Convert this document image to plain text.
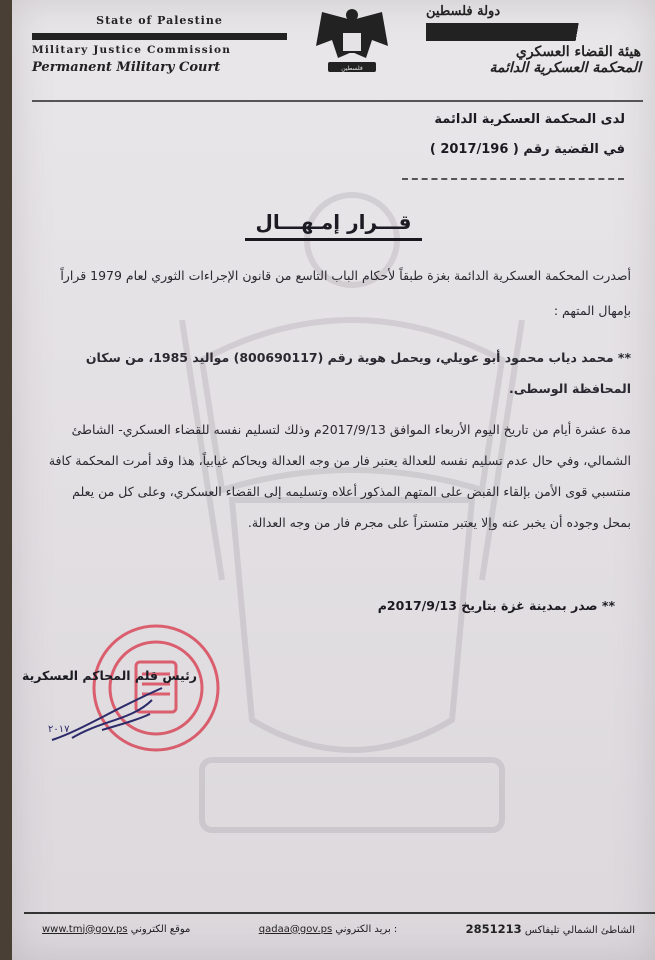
State of Palestine
Military Justice Commission
Permanent Military Court	فلسطين
دولة فلسطين
هيئة القضاء العسكري
المحكمة العسكرية الدائمة
لدى المحكمة العسكرية الدائمة
في القضية رقم ( 2017/196 )
قـــرار إمـهـــال

أصدرت المحكمة العسكرية الدائمة بغزة طبقاً لأحكام الباب التاسع من قانون الإجراءات الثوري لعام 1979 قراراً بإمهال المتهم :

** محمد دياب محمود أبو عويلي، ويحمل هوية رقم (800690117) مواليد 1985، من سكان المحافظة الوسطى.

مدة عشرة أيام من تاريخ اليوم الأربعاء الموافق 2017/9/13م وذلك لتسليم نفسه للقضاء العسكري- الشاطئ الشمالي، وفي حال عدم تسليم نفسه للعدالة يعتبر فار من وجه العدالة ويحاكم غيابياً، هذا وقد أمرت المحكمة كافة منتسبي قوى الأمن بإلقاء القبض على المتهم المذكور أعلاه وتسليمه إلى القضاء العسكري، وعلى كل من يعلم بمحل وجوده أن يخبر عنه وإلا يعتبر متستراً على مجرم فار من وجه العدالة.

** صدر بمدينة غزة بتاريخ 2017/9/13م
٢٠١٧
رئيس قلم المحاكم العسكرية
www.tmj@gov.ps موقع الكتروني	qadaa@gov.ps بريد الكتروني :	2851213 الشاطئ الشمالي تليفاكس
